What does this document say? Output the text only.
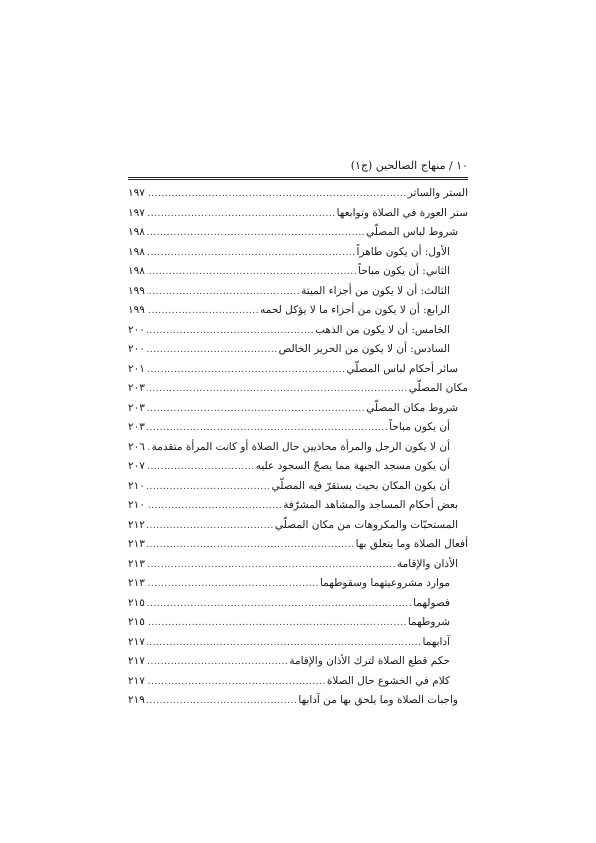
١٠ / منهاج الصالحين (ج١)
الستر والساتر
.....
١٩٧
ستر العورة في الصلاة وتوابعها
.....
١٩٧
شروط لباس المصلّي
.....
١٩٨
الأول: أن يكون طاهراً
.....
١٩٨
الثاني: أن يكون مباحاً
.....
١٩٨
الثالث: أن لا يكون من أجزاء الميتة
.....
١٩٩
الرابع: أن لا يكون من أجزاء ما لا يؤكل لحمه
.....
١٩٩
الخامس: أن لا يكون من الذهب
.....
٢٠٠
السادس: أن لا يكون من الحرير الخالص
.....
٢٠٠
سائر أحكام لباس المصلّي
.....
٢٠١
مكان المصلّي
.....
٢٠٣
شروط مكان المصلّي
.....
٢٠٣
أن يكون مباحاً
.....
٢٠٣
أن لا يكون الرجل والمرأة محاذيين حال الصلاة أو كانت المرأة متقدمة
.....
٢٠٦
أن يكون مسجد الجبهة مما يصحّ السجود عليه
.....
٢٠٧
أن يكون المكان بحيث يستقرّ فيه المصلّي
.....
٢١٠
بعض أحكام المساجد والمشاهد المشرّفة
.....
٢١٠
المستحبّات والمكروهات من مكان المصلّي
.....
٢١٢
أفعال الصلاة وما يتعلق بها
.....
٢١٣
الأذان والإقامة
.....
٢١٣
موارد مشروعيتهما وسقوطهما
.....
٢١٣
فصولهما
.....
٢١٥
شروطهما
.....
٢١٥
آدابهما
.....
٢١٧
حكم قطع الصلاة لترك الأذان والإقامة
.....
٢١٧
كلام في الخشوع حال الصلاة
.....
٢١٧
واجبات الصلاة وما يلحق بها من آدابها
.....
٢١٩
